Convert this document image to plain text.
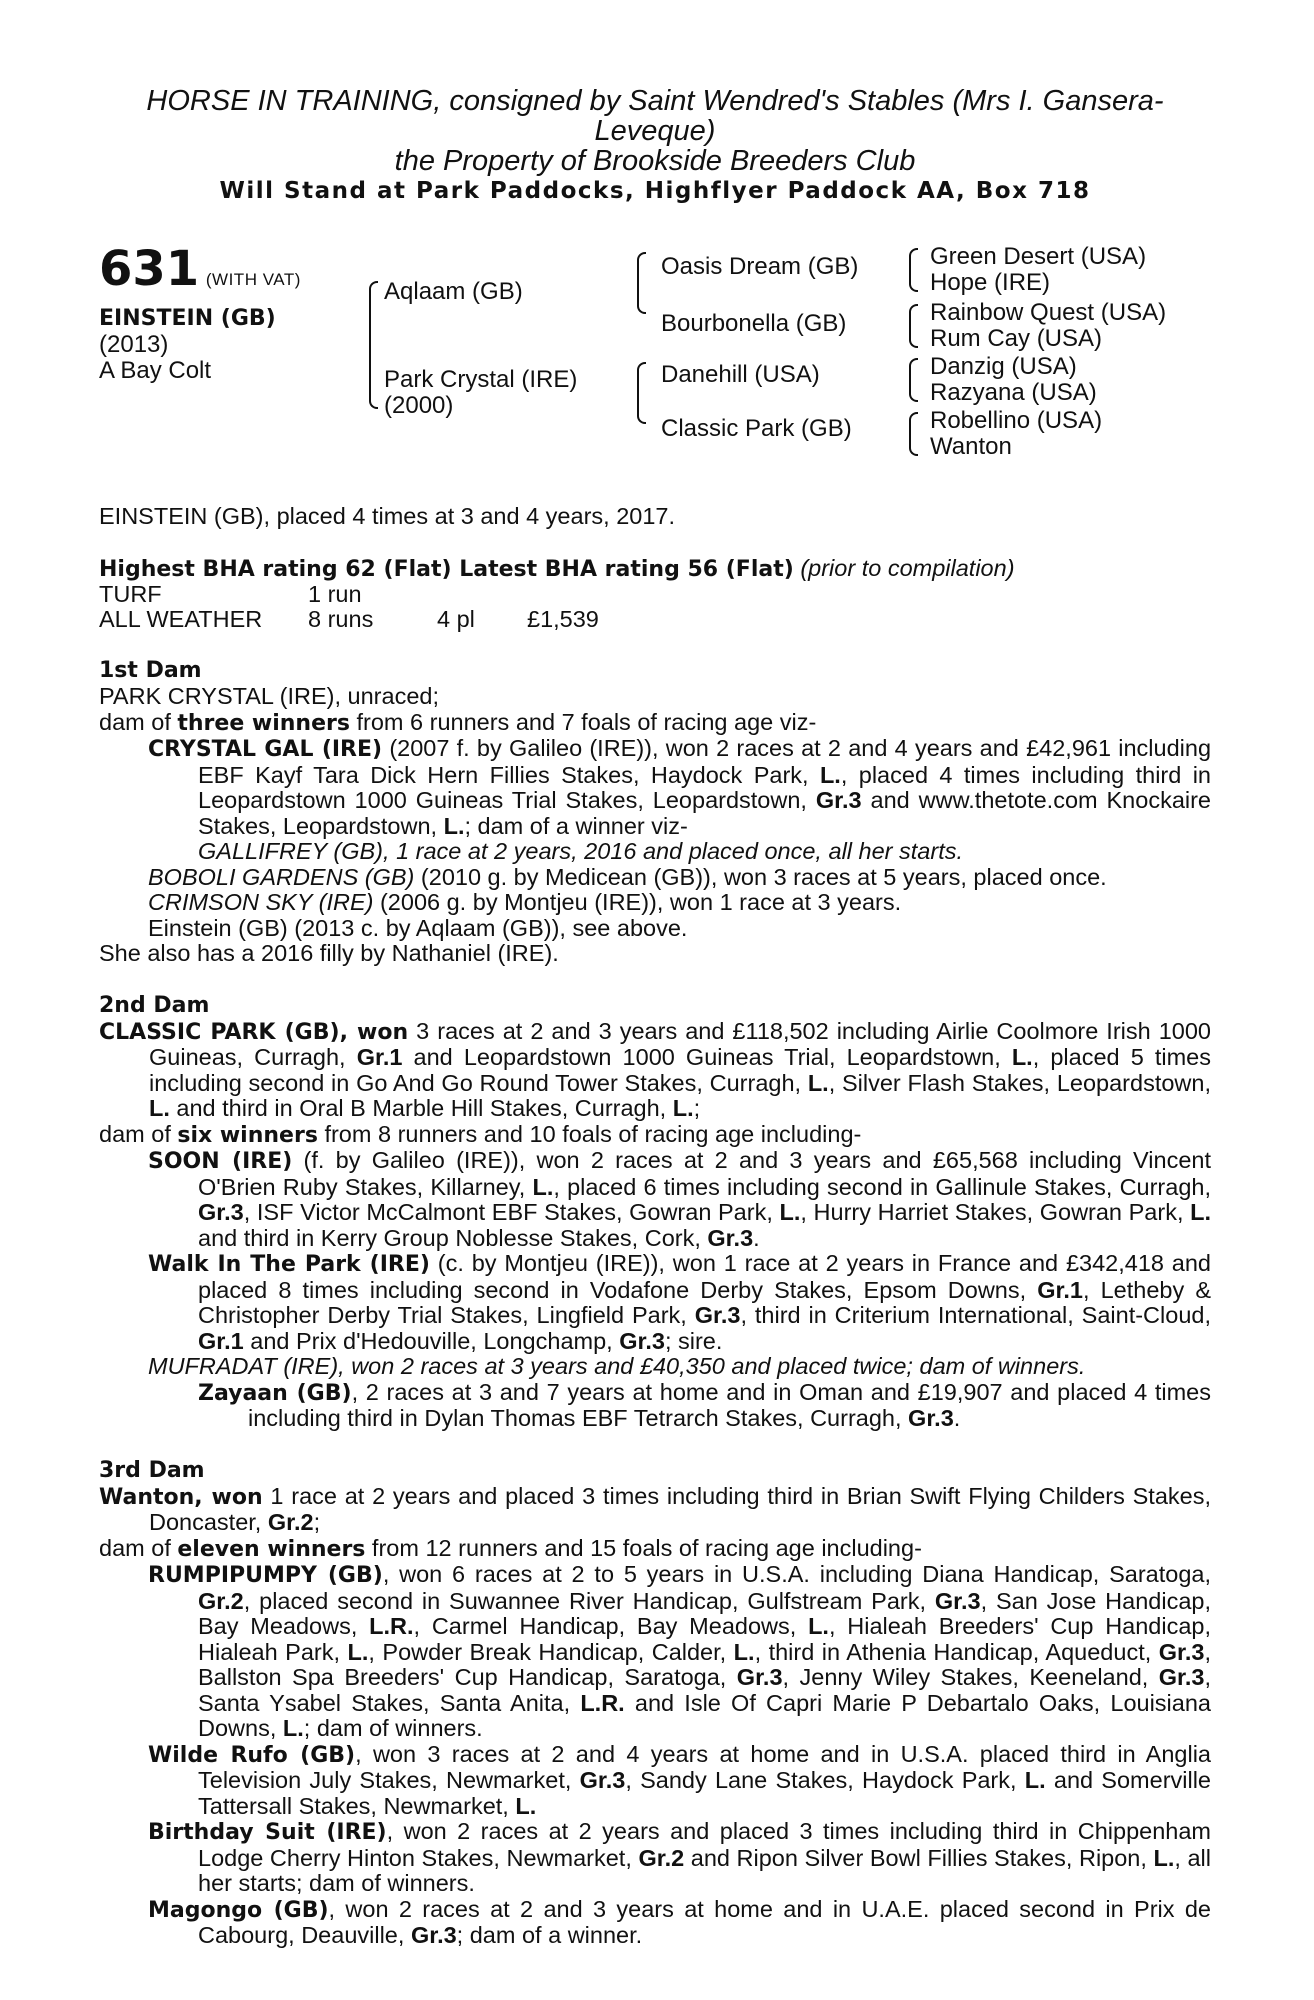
HORSE IN TRAINING, consigned by Saint Wendred's Stables (Mrs I. Gansera-
Leveque)
the Property of Brookside Breeders Club
Will Stand at Park Paddocks, Highflyer Paddock AA, Box 718
631 (WITH VAT)
EINSTEIN (GB)
(2013)
A Bay Colt
Aqlaam (GB)
Park Crystal (IRE)
(2000)
Oasis Dream (GB)
Bourbonella (GB)
Danehill (USA)
Classic Park (GB)
Green Desert (USA)
Hope (IRE)
Rainbow Quest (USA)
Rum Cay (USA)
Danzig (USA)
Razyana (USA)
Robellino (USA)
Wanton
EINSTEIN (GB), placed 4 times at 3 and 4 years, 2017.
Highest BHA rating 62 (Flat) Latest BHA rating 56 (Flat) (prior to compilation)
TURF	1 run		
ALL WEATHER	8 runs	4 pl	£1,539
1st Dam

PARK CRYSTAL (IRE), unraced;

dam of three winners from 6 runners and 7 foals of racing age viz-

CRYSTAL GAL (IRE) (2007 f. by Galileo (IRE)), won 2 races at 2 and 4 years and £42,961 including EBF Kayf Tara Dick Hern Fillies Stakes, Haydock Park, L., placed 4 times including third in Leopardstown 1000 Guineas Trial Stakes, Leopardstown, Gr.3 and www.thetote.com Knockaire Stakes, Leopardstown, L.; dam of a winner viz-

GALLIFREY (GB), 1 race at 2 years, 2016 and placed once, all her starts.

BOBOLI GARDENS (GB) (2010 g. by Medicean (GB)), won 3 races at 5 years, placed once.

CRIMSON SKY (IRE) (2006 g. by Montjeu (IRE)), won 1 race at 3 years.

Einstein (GB) (2013 c. by Aqlaam (GB)), see above.

She also has a 2016 filly by Nathaniel (IRE).

2nd Dam

CLASSIC PARK (GB), won 3 races at 2 and 3 years and £118,502 including Airlie Coolmore Irish 1000 Guineas, Curragh, Gr.1 and Leopardstown 1000 Guineas Trial, Leopardstown, L., placed 5 times including second in Go And Go Round Tower Stakes, Curragh, L., Silver Flash Stakes, Leopardstown, L. and third in Oral B Marble Hill Stakes, Curragh, L.;

dam of six winners from 8 runners and 10 foals of racing age including-

SOON (IRE) (f. by Galileo (IRE)), won 2 races at 2 and 3 years and £65,568 including Vincent O'Brien Ruby Stakes, Killarney, L., placed 6 times including second in Gallinule Stakes, Curragh, Gr.3, ISF Victor McCalmont EBF Stakes, Gowran Park, L., Hurry Harriet Stakes, Gowran Park, L. and third in Kerry Group Noblesse Stakes, Cork, Gr.3.

Walk In The Park (IRE) (c. by Montjeu (IRE)), won 1 race at 2 years in France and £342,418 and placed 8 times including second in Vodafone Derby Stakes, Epsom Downs, Gr.1, Letheby & Christopher Derby Trial Stakes, Lingfield Park, Gr.3, third in Criterium International, Saint-Cloud, Gr.1 and Prix d'Hedouville, Longchamp, Gr.3; sire.

MUFRADAT (IRE), won 2 races at 3 years and £40,350 and placed twice; dam of winners.

Zayaan (GB), 2 races at 3 and 7 years at home and in Oman and £19,907 and placed 4 times including third in Dylan Thomas EBF Tetrarch Stakes, Curragh, Gr.3.

3rd Dam

Wanton, won 1 race at 2 years and placed 3 times including third in Brian Swift Flying Childers Stakes, Doncaster, Gr.2;

dam of eleven winners from 12 runners and 15 foals of racing age including-

RUMPIPUMPY (GB), won 6 races at 2 to 5 years in U.S.A. including Diana Handicap, Saratoga, Gr.2, placed second in Suwannee River Handicap, Gulfstream Park, Gr.3, San Jose Handicap, Bay Meadows, L.R., Carmel Handicap, Bay Meadows, L., Hialeah Breeders' Cup Handicap, Hialeah Park, L., Powder Break Handicap, Calder, L., third in Athenia Handicap, Aqueduct, Gr.3, Ballston Spa Breeders' Cup Handicap, Saratoga, Gr.3, Jenny Wiley Stakes, Keeneland, Gr.3, Santa Ysabel Stakes, Santa Anita, L.R. and Isle Of Capri Marie P Debartalo Oaks, Louisiana Downs, L.; dam of winners.

Wilde Rufo (GB), won 3 races at 2 and 4 years at home and in U.S.A. placed third in Anglia Television July Stakes, Newmarket, Gr.3, Sandy Lane Stakes, Haydock Park, L. and Somerville Tattersall Stakes, Newmarket, L.

Birthday Suit (IRE), won 2 races at 2 years and placed 3 times including third in Chippenham Lodge Cherry Hinton Stakes, Newmarket, Gr.2 and Ripon Silver Bowl Fillies Stakes, Ripon, L., all her starts; dam of winners.

Magongo (GB), won 2 races at 2 and 3 years at home and in U.A.E. placed second in Prix de Cabourg, Deauville, Gr.3; dam of a winner.
